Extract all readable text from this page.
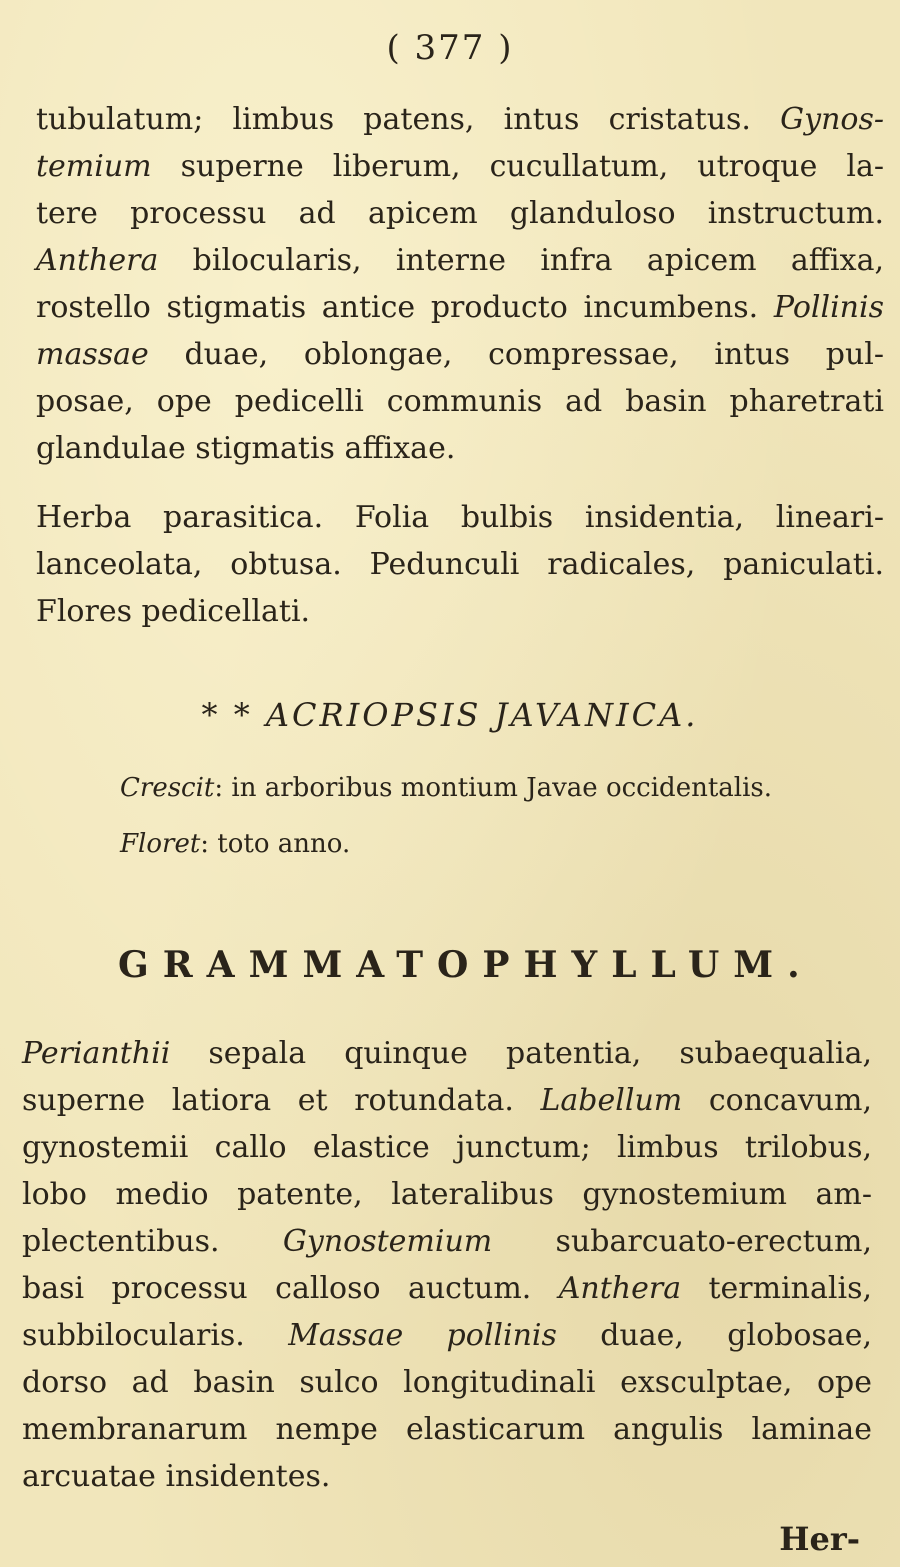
( 377 )
tubulatum; limbus patens, intus cristatus. Gynos-
temium superne liberum, cucullatum, utroque la-
tere processu ad apicem glanduloso instructum.
Anthera bilocularis, interne infra apicem affixa,
rostello stigmatis antice producto incumbens. Pollinis
massae duae, oblongae, compressae, intus pul-
posae, ope pedicelli communis ad basin pharetrati
glandulae stigmatis affixae.
Herba parasitica. Folia bulbis insidentia, lineari-
lanceolata, obtusa. Pedunculi radicales, paniculati.
Flores pedicellati.
* * ACRIOPSIS JAVANICA.
Crescit: in arboribus montium Javae occidentalis.
Floret: toto anno.
GRAMMATOPHYLLUM.
Perianthii sepala quinque patentia, subaequalia,
superne latiora et rotundata. Labellum concavum,
gynostemii callo elastice junctum; limbus trilobus,
lobo medio patente, lateralibus gynostemium am-
plectentibus. Gynostemium subarcuato-erectum,
basi processu calloso auctum. Anthera terminalis,
subbilocularis. Massae pollinis duae, globosae,
dorso ad basin sulco longitudinali exsculptae, ope
membranarum nempe elasticarum angulis laminae
arcuatae insidentes.
Her-
